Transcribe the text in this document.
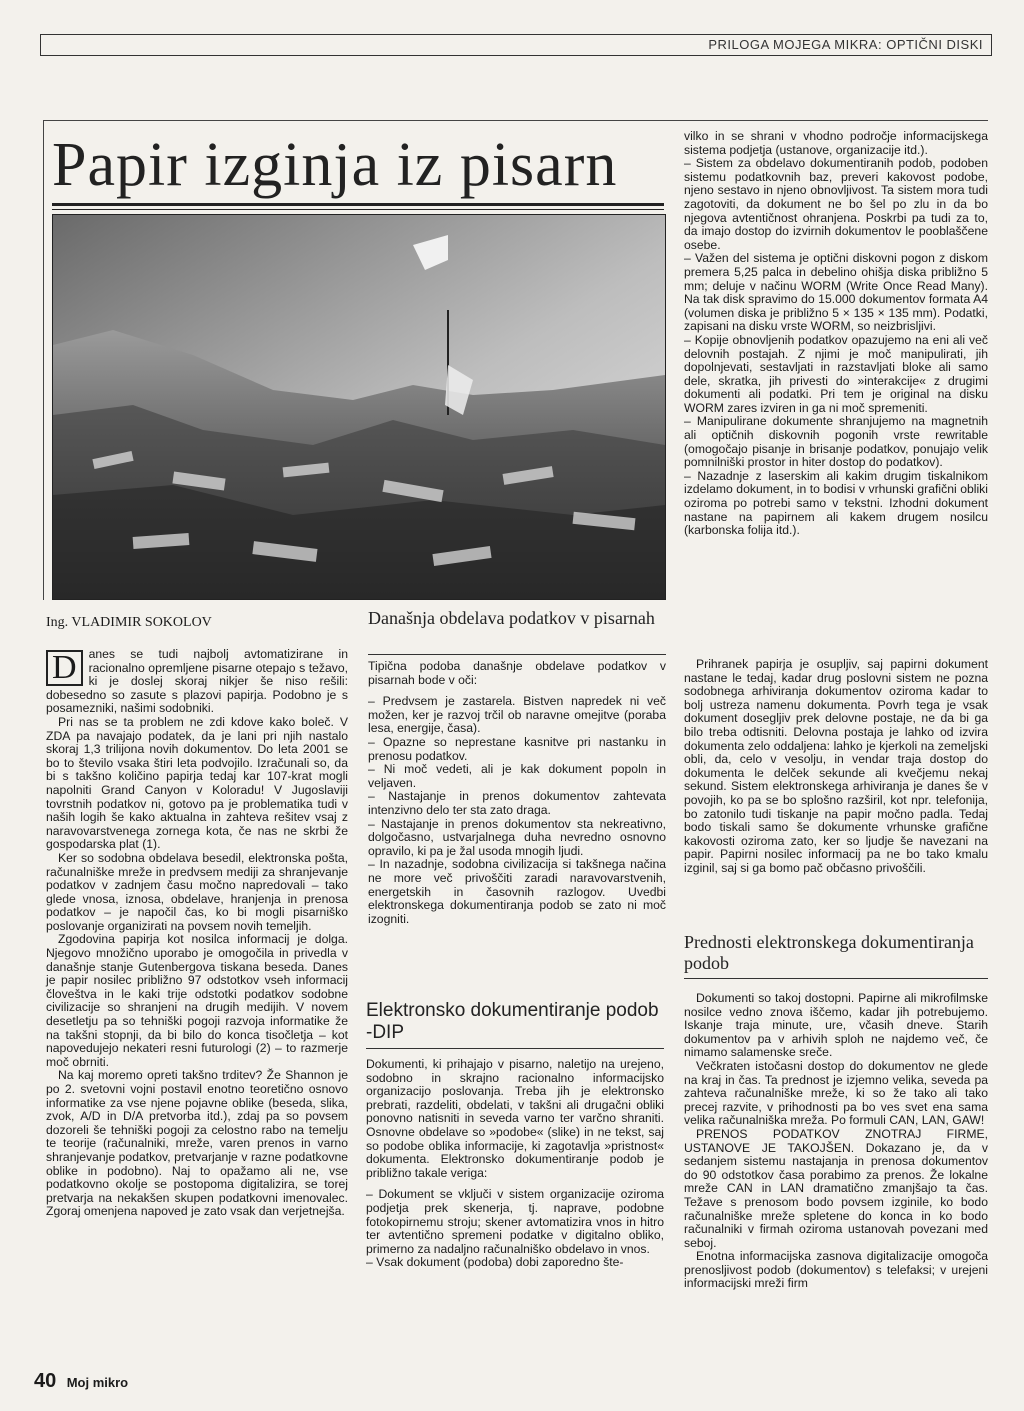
PRILOGA MOJEGA MIKRA: OPTIČNI DISKI
Papir izginja iz pisarn
Ing. VLADIMIR SOKOLOV
D anes se tudi najbolj avtomatizirane in racionalno opremljene pisarne otepajo s težavo, ki je doslej skoraj nikjer še niso rešili: dobesedno so zasute s plazovi papirja. Podobno je s posamezniki, našimi sodobniki.

Pri nas se ta problem ne zdi kdove kako boleč. V ZDA pa navajajo podatek, da je lani pri njih nastalo skoraj 1,3 trilijona novih dokumentov. Do leta 2001 se bo to število vsaka štiri leta podvojilo. Izračunali so, da bi s takšno količino papirja tedaj kar 107-krat mogli napolniti Grand Canyon v Koloradu! V Jugoslaviji tovrstnih podatkov ni, gotovo pa je problematika tudi v naših logih še kako aktualna in zahteva rešitev vsaj z naravovarstvenega zornega kota, če nas ne skrbi že gospodarska plat (1).

Ker so sodobna obdelava besedil, elektronska pošta, računalniške mreže in predvsem mediji za shranjevanje podatkov v zadnjem času močno napredovali – tako glede vnosa, iznosa, obdelave, hranjenja in prenosa podatkov – je napočil čas, ko bi mogli pisarniško poslovanje organizirati na povsem novih temeljih.

Zgodovina papirja kot nosilca informacij je dolga. Njegovo množično uporabo je omogočila in privedla v današnje stanje Gutenbergova tiskana beseda. Danes je papir nosilec približno 97 odstotkov vseh informacij človeštva in le kaki trije odstotki podatkov sodobne civilizacije so shranjeni na drugih medijih. V novem desetletju pa so tehniški pogoji razvoja informatike že na takšni stopnji, da bi bilo do konca tisočletja – kot napovedujejo nekateri resni futurologi (2) – to razmerje moč obrniti.

Na kaj moremo opreti takšno trditev? Že Shannon je po 2. svetovni vojni postavil enotno teoretično osnovo informatike za vse njene pojavne oblike (beseda, slika, zvok, A/D in D/A pretvorba itd.), zdaj pa so povsem dozoreli še tehniški pogoji za celostno rabo na temelju te teorije (računalniki, mreže, varen prenos in varno shranjevanje podatkov, pretvarjanje v razne podatkovne oblike in podobno). Naj to opažamo ali ne, vse podatkovno okolje se postopoma digitalizira, se torej pretvarja na nekakšen skupen podatkovni imenovalec. Zgoraj omenjena napoved je zato vsak dan verjetnejša.

Današnja obdelava podatkov v pisarnah

Tipična podoba današnje obdelave podatkov v pisarnah bode v oči:

– Predvsem je zastarela. Bistven napredek ni več možen, ker je razvoj trčil ob naravne omejitve (poraba lesa, energije, časa).

– Opazne so neprestane kasnitve pri nastanku in prenosu podatkov.

– Ni moč vedeti, ali je kak dokument popoln in veljaven.

– Nastajanje in prenos dokumentov zahtevata intenzivno delo ter sta zato draga.

– Nastajanje in prenos dokumentov sta nekreativno, dolgočasno, ustvarjalnega duha nevredno osnovno opravilo, ki pa je žal usoda mnogih ljudi.

– In nazadnje, sodobna civilizacija si takšnega načina ne more več privoščiti zaradi naravovarstvenih, energetskih in časovnih razlogov. Uvedbi elektronskega dokumentiranja podob se zato ni moč izogniti.

Elektronsko dokumentiranje podob -DIP

Dokumenti, ki prihajajo v pisarno, naletijo na urejeno, sodobno in skrajno racionalno informacijsko organizacijo poslovanja. Treba jih je elektronsko prebrati, razdeliti, obdelati, v takšni ali drugačni obliki ponovno natisniti in seveda varno ter varčno shraniti. Osnovne obdelave so »podobe« (slike) in ne tekst, saj so podobe oblika informacije, ki zagotavlja »pristnost« dokumenta. Elektronsko dokumentiranje podob je približno takale veriga:

– Dokument se vključi v sistem organizacije oziroma podjetja prek skenerja, tj. naprave, podobne fotokopirnemu stroju; skener avtomatizira vnos in hitro ter avtentično spremeni podatke v digitalno obliko, primerno za nadaljno računalniško obdelavo in vnos.

– Vsak dokument (podoba) dobi zaporedno šte-

vilko in se shrani v vhodno področje informacijskega sistema podjetja (ustanove, organizacije itd.).

– Sistem za obdelavo dokumentiranih podob, podoben sistemu podatkovnih baz, preveri kakovost podobe, njeno sestavo in njeno obnovljivost. Ta sistem mora tudi zagotoviti, da dokument ne bo šel po zlu in da bo njegova avtentičnost ohranjena. Poskrbi pa tudi za to, da imajo dostop do izvirnih dokumentov le pooblaščene osebe.

– Važen del sistema je optični diskovni pogon z diskom premera 5,25 palca in debelino ohišja diska približno 5 mm; deluje v načinu WORM (Write Once Read Many). Na tak disk spravimo do 15.000 dokumentov formata A4 (volumen diska je približno 5 × 135 × 135 mm). Podatki, zapisani na disku vrste WORM, so neizbrisljivi.

– Kopije obnovljenih podatkov opazujemo na eni ali več delovnih postajah. Z njimi je moč manipulirati, jih dopolnjevati, sestavljati in razstavljati bloke ali samo dele, skratka, jih privesti do »interakcije« z drugimi dokumenti ali podatki. Pri tem je original na disku WORM zares izviren in ga ni moč spremeniti.

– Manipulirane dokumente shranjujemo na magnetnih ali optičnih diskovnih pogonih vrste rewritable (omogočajo pisanje in brisanje podatkov, ponujajo velik pomnilniški prostor in hiter dostop do podatkov).

– Nazadnje z laserskim ali kakim drugim tiskalnikom izdelamo dokument, in to bodisi v vrhunski grafični obliki oziroma po potrebi samo v tekstni. Izhodni dokument nastane na papirnem ali kakem drugem nosilcu (karbonska folija itd.).

Prihranek papirja je osupljiv, saj papirni dokument nastane le tedaj, kadar drug poslovni sistem ne pozna sodobnega arhiviranja dokumentov oziroma kadar to bolj ustreza namenu dokumenta. Povrh tega je vsak dokument dosegljiv prek delovne postaje, ne da bi ga bilo treba odtisniti. Delovna postaja je lahko od izvira dokumenta zelo oddaljena: lahko je kjerkoli na zemeljski obli, da, celo v vesolju, in vendar traja dostop do dokumenta le delček sekunde ali kvečjemu nekaj sekund. Sistem elektronskega arhiviranja je danes še v povojih, ko pa se bo splošno razširil, kot npr. telefonija, bo zatonilo tudi tiskanje na papir močno padla. Tedaj bodo tiskali samo še dokumente vrhunske grafične kakovosti oziroma zato, ker so ljudje še navezani na papir. Papirni nosilec informacij pa ne bo tako kmalu izginil, saj si ga bomo pač občasno privoščili.

Prednosti elektronskega dokumentiranja podob

Dokumenti so takoj dostopni. Papirne ali mikrofilmske nosilce vedno znova iščemo, kadar jih potrebujemo. Iskanje traja minute, ure, včasih dneve. Starih dokumentov pa v arhivih sploh ne najdemo več, če nimamo salamenske sreče.

Večkraten istočasni dostop do dokumentov ne glede na kraj in čas. Ta prednost je izjemno velika, seveda pa zahteva računalniške mreže, ki so že tako ali tako precej razvite, v prihodnosti pa bo ves svet ena sama velika računalniška mreža. Po formuli CAN, LAN, GAW!

PRENOS PODATKOV ZNOTRAJ FIRME, USTANOVE JE TAKOJŠEN. Dokazano je, da v sedanjem sistemu nastajanja in prenosa dokumentov do 90 odstotkov časa porabimo za prenos. Že lokalne mreže CAN in LAN dramatično zmanjšajo ta čas. Težave s prenosom bodo povsem izginile, ko bodo računalniške mreže spletene do konca in ko bodo računalniki v firmah oziroma ustanovah povezani med seboj.

Enotna informacijska zasnova digitalizacije omogoča prenosljivost podob (dokumentov) s telefaksi; v urejeni informacijski mreži firm

40 Moj mikro
